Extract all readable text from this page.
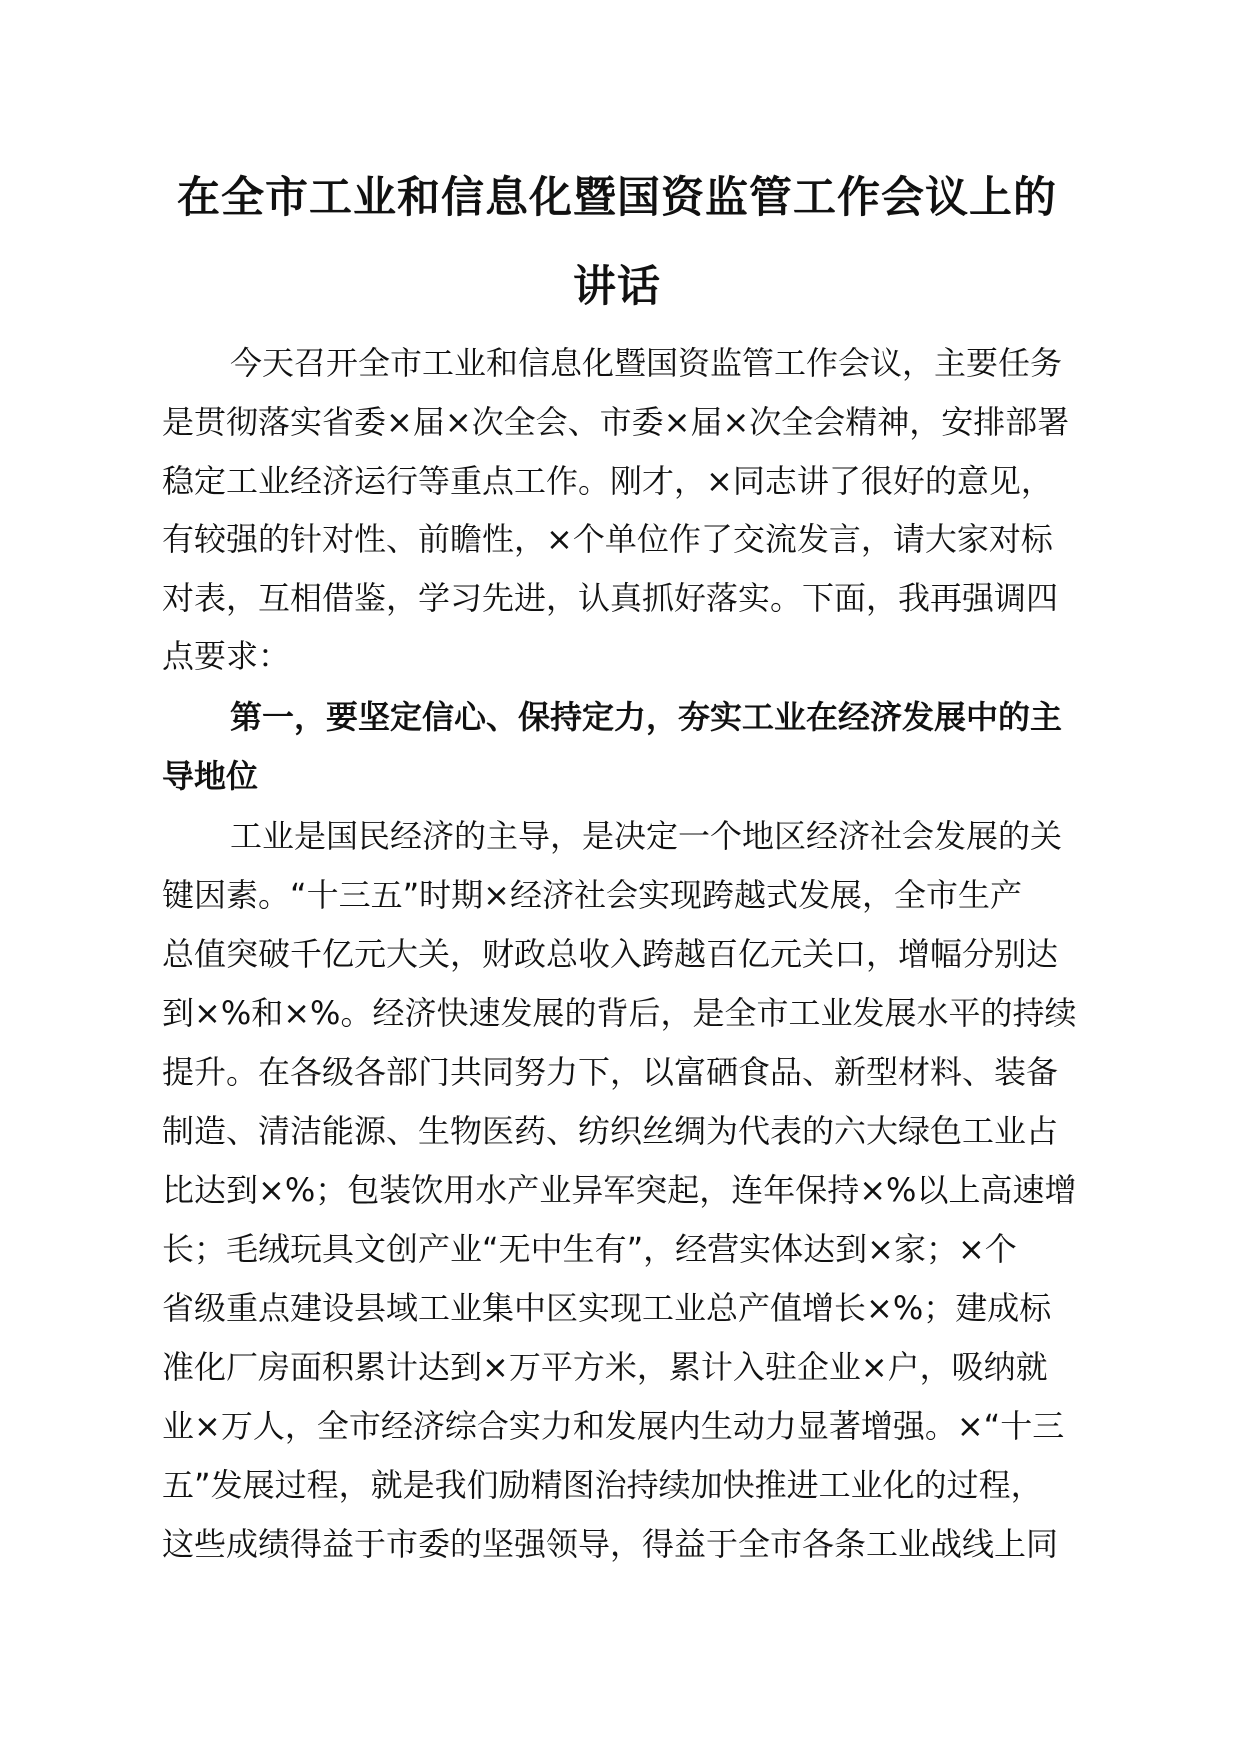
在全市工业和信息化暨国资监管工作会议上的
讲话

今天召开全市工业和信息化暨国资监管工作会议，主要任务

是贯彻落实省委×届×次全会、市委×届×次全会精神，安排部署

稳定工业经济运行等重点工作。刚才，×同志讲了很好的意见，

有较强的针对性、前瞻性，×个单位作了交流发言，请大家对标

对表，互相借鉴，学习先进，认真抓好落实。下面，我再强调四

点要求：

第一，要坚定信心、保持定力，夯实工业在经济发展中的主

导地位

工业是国民经济的主导，是决定一个地区经济社会发展的关

键因素。“十三五”时期×经济社会实现跨越式发展，全市生产

总值突破千亿元大关，财政总收入跨越百亿元关口，增幅分别达

到×%和×%。经济快速发展的背后，是全市工业发展水平的持续

提升。在各级各部门共同努力下，以富硒食品、新型材料、装备

制造、清洁能源、生物医药、纺织丝绸为代表的六大绿色工业占

比达到×%；包装饮用水产业异军突起，连年保持×%以上高速增

长；毛绒玩具文创产业“无中生有”，经营实体达到×家；×个

省级重点建设县域工业集中区实现工业总产值增长×%；建成标

准化厂房面积累计达到×万平方米，累计入驻企业×户，吸纳就

业×万人，全市经济综合实力和发展内生动力显著增强。×“十三

五”发展过程，就是我们励精图治持续加快推进工业化的过程，

这些成绩得益于市委的坚强领导，得益于全市各条工业战线上同
